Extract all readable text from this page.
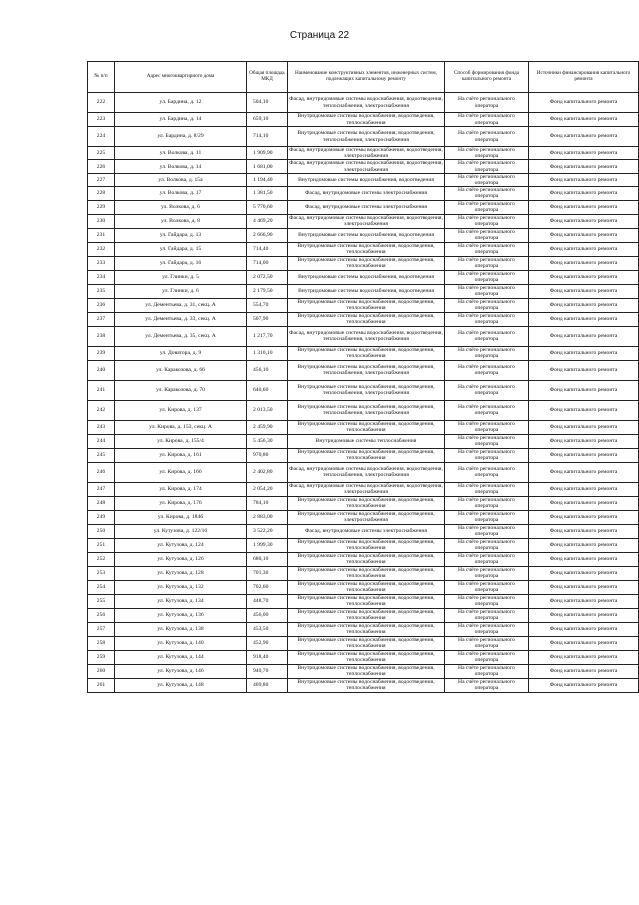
Страница 22
№ п/п	Адрес многоквартирного дома	Общая площадь МКД	Наименование конструктивных элементов, инженерных систем, подлежащих капитальному ремонту	Способ формирования фонда капитального ремонта	Источники финансирования капитального ремонта
222	ул. Бардина, д. 12	504,10	Фасад, внутридомовые системы водоснабжения, водоотведения, теплоснабжения, электроснабжения	На счёте регионального оператора	Фонд капитального ремонта
223	ул. Бардина, д. 14	659,10	Внутридомовые системы водоснабжения, водоотведения, теплоснабжения	На счёте регионального оператора	Фонд капитального ремонта
224	ул. Бардина, д. 8/29	714,10	Внутридомовые системы водоснабжения, водоотведения, теплоснабжения, электроснабжения	На счёте регионального оператора	Фонд капитального ремонта
225	ул. Волкова, д. 11	1 909,90	Фасад, внутридомовые системы водоснабжения, водоотведения, электроснабжения	На счёте регионального оператора	Фонд капитального ремонта
226	ул. Волкова, д. 14	1 681,00	Фасад, внутридомовые системы водоснабжения, водоотведения, электроснабжения	На счёте регионального оператора	Фонд капитального ремонта
227	ул. Волкова, д. 15а	1 194,40	Внутридомовые системы водоснабжения, водоотведения	На счёте регионального оператора	Фонд капитального ремонта
228	ул. Волкова, д. 17	1 381,50	Фасад, внутридомовые системы электроснабжения	На счёте регионального оператора	Фонд капитального ремонта
229	ул. Волкова, д. 6	5 770,60	Фасад, внутридомовые системы электроснабжения	На счёте регионального оператора	Фонд капитального ремонта
230	ул. Волкова, д. 8	4 469,20	Фасад, внутридомовые системы водоснабжения, водоотведения, электроснабжения	На счёте регионального оператора	Фонд капитального ремонта
231	ул. Гайдара, д. 13	2 666,90	Внутридомовые системы водоснабжения, водоотведения	На счёте регионального оператора	Фонд капитального ремонта
232	ул. Гайдара, д. 15	714,40	Внутридомовые системы водоснабжения, водоотведения, теплоснабжения	На счёте регионального оператора	Фонд капитального ремонта
233	ул. Гайдара, д. 16	714,00	Внутридомовые системы водоснабжения, водоотведения, теплоснабжения	На счёте регионального оператора	Фонд капитального ремонта
234	ул. Глинки, д. 5	2 072,50	Внутридомовые системы водоснабжения, водоотведения	На счёте регионального оператора	Фонд капитального ремонта
235	ул. Глинки, д. 6	2 179,50	Внутридомовые системы водоснабжения, водоотведения	На счёте регионального оператора	Фонд капитального ремонта
236	ул. Дементьева, д. 31, секц. А	554,70	Внутридомовые системы водоснабжения, водоотведения, теплоснабжения	На счёте регионального оператора	Фонд капитального ремонта
237	ул. Дементьева, д. 33, секц. А	507,90	Внутридомовые системы водоснабжения, водоотведения, теплоснабжения	На счёте регионального оператора	Фонд капитального ремонта
238	ул. Дементьева, д. 35, секц. А	1 217,70	Фасад, внутридомовые системы водоснабжения, водоотведения, теплоснабжения, электроснабжения	На счёте регионального оператора	Фонд капитального ремонта
239	ул. Доватора, д. 9	1 310,10	Внутридомовые системы водоснабжения, водоотведения, теплоснабжения	На счёте регионального оператора	Фонд капитального ремонта
240	ул. Каракозова, д. 66	456,10	Внутридомовые системы водоснабжения, водоотведения, теплоснабжения, электроснабжения	На счёте регионального оператора	Фонд капитального ремонта
241	ул. Каракозова, д. 70	640,60	Внутридомовые системы водоснабжения, водоотведения, теплоснабжения, электроснабжения	На счёте регионального оператора	Фонд капитального ремонта
242	ул. Кирова, д. 137	2 013,50	Внутридомовые системы водоснабжения, водоотведения, теплоснабжения, электроснабжения	На счёте регионального оператора	Фонд капитального ремонта
243	ул. Кирова, д. 153, секц. А	2 459,90	Внутридомовые системы водоснабжения, водоотведения, теплоснабжения	На счёте регионального оператора	Фонд капитального ремонта
244	ул. Кирова, д. 155/4	5 456,30	Внутридомовые системы теплоснабжения	На счёте регионального оператора	Фонд капитального ремонта
245	ул. Кирова, д. 161	970,80	Внутридомовые системы водоснабжения, водоотведения, теплоснабжения	На счёте регионального оператора	Фонд капитального ремонта
246	ул. Кирова, д. 166	2 402,80	Фасад, внутридомовые системы водоснабжения, водоотведения, теплоснабжения, электроснабжения	На счёте регионального оператора	Фонд капитального ремонта
247	ул. Кирова, д. 174	2 054,20	Фасад, внутридомовые системы водоснабжения, водоотведения, электроснабжения	На счёте регионального оператора	Фонд капитального ремонта
248	ул. Кирова, д. 176	784,10	Внутридомовые системы водоснабжения, водоотведения, теплоснабжения	На счёте регионального оператора	Фонд капитального ремонта
249	ул. Кирова, д. 184б	2 883,00	Внутридомовые системы водоснабжения, водоотведения, электроснабжения	На счёте регионального оператора	Фонд капитального ремонта
250	ул. Кутузова, д. 122/16	3 522,20	Фасад, внутридомовые системы электроснабжения	На счёте регионального оператора	Фонд капитального ремонта
251	ул. Кутузова, д. 124	1 999,30	Внутридомовые системы водоснабжения, водоотведения, теплоснабжения	На счёте регионального оператора	Фонд капитального ремонта
252	ул. Кутузова, д. 126	680,10	Внутридомовые системы водоснабжения, водоотведения, теплоснабжения	На счёте регионального оператора	Фонд капитального ремонта
253	ул. Кутузова, д. 128	701,30	Внутридомовые системы водоснабжения, водоотведения, теплоснабжения	На счёте регионального оператора	Фонд капитального ремонта
254	ул. Кутузова, д. 132	702,60	Внутридомовые системы водоснабжения, водоотведения, теплоснабжения	На счёте регионального оператора	Фонд капитального ремонта
255	ул. Кутузова, д. 134	448,70	Внутридомовые системы водоснабжения, водоотведения, теплоснабжения	На счёте регионального оператора	Фонд капитального ремонта
256	ул. Кутузова, д. 136	456,00	Внутридомовые системы водоснабжения, водоотведения, теплоснабжения	На счёте регионального оператора	Фонд капитального ремонта
257	ул. Кутузова, д. 138	453,50	Внутридомовые системы водоснабжения, водоотведения, теплоснабжения	На счёте регионального оператора	Фонд капитального ремонта
258	ул. Кутузова, д. 140	452,90	Внутридомовые системы водоснабжения, водоотведения, теплоснабжения	На счёте регионального оператора	Фонд капитального ремонта
259	ул. Кутузова, д. 144	918,40	Внутридомовые системы водоснабжения, водоотведения, теплоснабжения	На счёте регионального оператора	Фонд капитального ремонта
260	ул. Кутузова, д. 146	940,70	Внутридомовые системы водоснабжения, водоотведения, теплоснабжения	На счёте регионального оператора	Фонд капитального ремонта
261	ул. Кутузова, д. 148	469,80	Внутридомовые системы водоснабжения, водоотведения, теплоснабжения	На счёте регионального оператора	Фонд капитального ремонта
